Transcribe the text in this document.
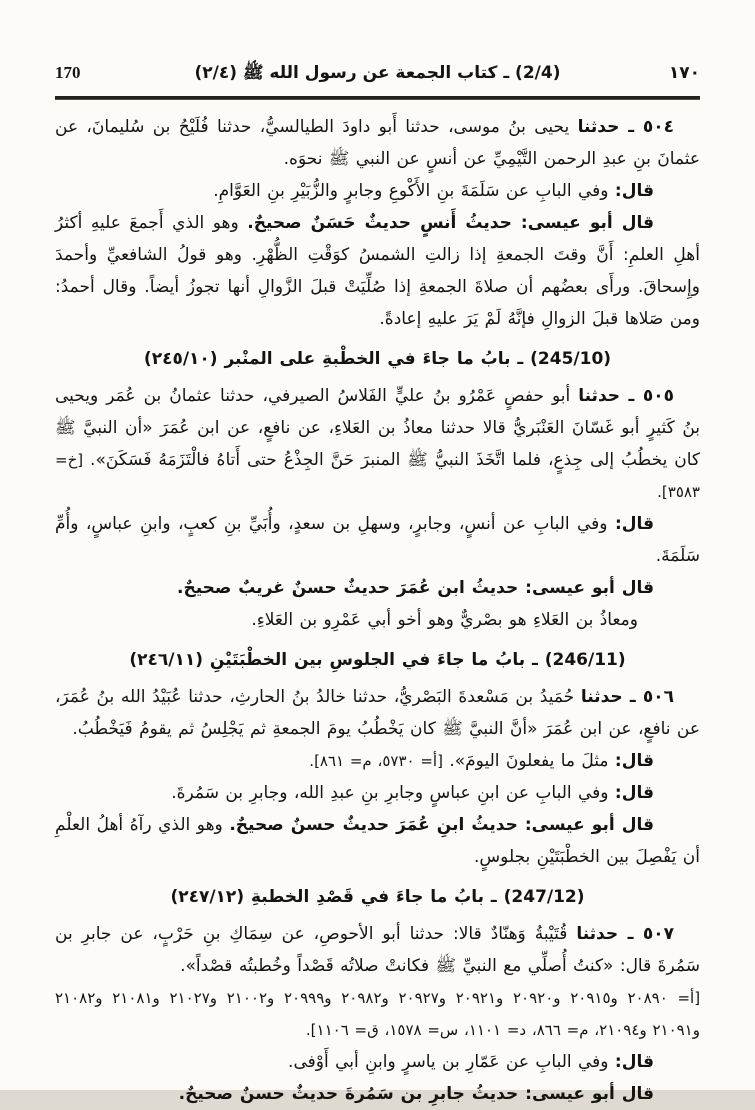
١٧٠
(2/4) ـ كتاب الجمعة عن رسول الله ﷺ (٢/٤)
170

٥٠٤ ـ حدثنا يحيى بنُ موسى، حدثنا أَبو داودَ الطيالسيُّ، حدثنا فُلَيْحُ بن سُليمانَ، عن عثمانَ بنِ عبدِ الرحمن التَّيْمِيِّ عن أنسٍ عن النبي ﷺ نحوَه.

قال: وفي البابِ عن سَلَمَةَ بنِ الأَكْوعِ وجابرٍ والزُّبَيْرِ بنِ العَوَّامِ.

قال أبو عيسى: حديثُ أَنسٍ حديثٌ حَسَنٌ صحيحٌ. وهو الذي أَجمعَ عليهِ أكثرُ أهلِ العلمِ: أَنَّ وقتَ الجمعةِ إذا زالتِ الشمسُ كوَقْتِ الظُّهْرِ. وهو قولُ الشافعيِّ وأحمدَ وإِسحاقَ. ورأَى بعضُهم أن صلاةَ الجمعةِ إذا صُلِّيَتْ قبلَ الزَّوالِ أنها تجوزُ أيضاً. وقال أحمدُ: ومن صَلاها قبلَ الزوالِ فإنَّهُ لَمْ يَرَ عليهِ إعادةً.

(245/10) ـ بابُ ما جاءَ في الخطْبةِ على المنْبر (٢٤٥/١٠)

٥٠٥ ـ حدثنا أبو حفصٍ عَمْرُو بنُ عليٍّ الفَلاسُ الصيرفي، حدثنا عثمانُ بن عُمَر ويحيى بنُ كَثيرٍ أبو غَسّانَ العَنْبَريُّ قالا حدثنا معاذُ بن العَلاءِ، عن نافعٍ، عن ابن عُمَرَ «أن النبيَّ ﷺ كان يخطُبُ إلى جِذعٍ، فلما اتَّخَذَ النبيُّ ﷺ المنبرَ حَنَّ الجِذْعُ حتى أَتاهُ فالْتَزَمَهُ فَسَكَنَ». [خ= ٣٥٨٣].

قال: وفي البابِ عن أنسٍ، وجابرٍ، وسهلِ بن سعدٍ، وأُبَيِّ بنِ كعبٍ، وابنِ عباسٍ، وأُمِّ سَلَمَةَ.

قال أبو عيسى: حديثُ ابن عُمَرَ حديثٌ حسنٌ غريبٌ صحيحٌ.

ومعاذُ بن العَلاءِ هو بصْريٌّ وهو أخو أبي عَمْرِو بن العَلاءِ.

(246/11) ـ بابُ ما جاءَ في الجلوسِ بين الخطْبَتَيْنِ (٢٤٦/١١)

٥٠٦ ـ حدثنا حُمَيدُ بن مَسْعدةَ البَصْريُّ، حدثنا خالدُ بنُ الحارثِ، حدثنا عُبَيْدُ الله بنُ عُمَرَ، عن نافعٍ، عن ابن عُمَرَ «أنَّ النبيَّ ﷺ كان يَخْطُبُ يومَ الجمعةِ ثم يَجْلِسُ ثم يقومُ فَيَخْطُبُ.

قال: مثلَ ما يفعلونَ اليومَ». [أ= ٥٧٣٠، م= ٨٦١].

قال: وفي البابِ عن ابنِ عباسٍ وجابرِ بنِ عبدِ الله، وجابرِ بن سَمُرةَ.

قال أبو عيسى: حديثُ ابنِ عُمَرَ حديثٌ حسنٌ صحيحٌ. وهو الذي رآهُ أهلُ العلْمِ أن يَفْصِلَ بين الخطْبَتَيْنِ بجلوسٍ.

(247/12) ـ بابُ ما جاءَ في قَصْدِ الخطبةِ (٢٤٧/١٢)

٥٠٧ ـ حدثنا قُتَيْبةُ وَهنّادٌ قالا: حدثنا أبو الأحوصِ، عن سِمَاكِ بنِ حَرْبٍ، عن جابرِ بن سَمُرةَ قال: «كنتُ أُصلِّي مع النبيِّ ﷺ فكانتْ صلاتُه قَصْداً وخُطبتُه قصْداً».

[أ= ٢٠٨٩٠ و٢٠٩١٥ و٢٠٩٢٠ و٢٠٩٢١ و٢٠٩٢٧ و٢٠٩٨٢ و٢٠٩٩٩ و٢١٠٠٢ و٢١٠٢٧ و٢١٠٨١ و٢١٠٨٢ و٢١٠٩١ و٢١٠٩٤، م= ٨٦٦، د= ١١٠١، س= ١٥٧٨، ق= ١١٠٦].

قال: وفي البابِ عن عَمّارِ بن ياسرٍ وابنِ أبي أَوْفى.

قال أبو عيسى: حديثُ جابرِ بن سَمُرةَ حديثٌ حسنٌ صحيحٌ.
